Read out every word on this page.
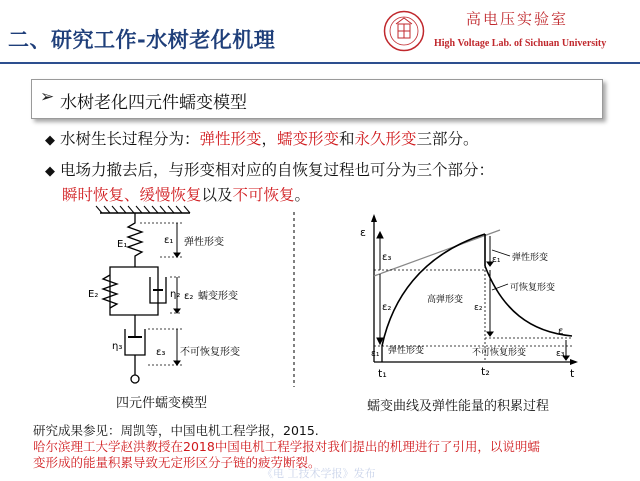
二、研究工作-水树老化机理
高电压实验室
High Voltage Lab. of Sichuan University
➢ 水树老化四元件蠕变模型
◆ 水树生长过程分为：弹性形变，蠕变形变和永久形变三部分。
◆ 电场力撤去后，与形变相对应的自恢复过程也可分为三个部分：
瞬时恢复、缓慢恢复以及不可恢复。
E₁
E₂	η₂
η₃
ε₁ 弹性形变
ε₂ 蠕变形变
ε₃ 不可恢复形变
四元件蠕变模型
ε
t
t₁	t₂
ε₃
ε₂
ε₁ 弹性形变
高弹形变
ε₂
ε₁ 弹性形变
可恢复形变
不可恢复形变	ε₃
ε
蠕变曲线及弹性能量的积累过程
研究成果参见：周凯等，中国电机工程学报，2015.
哈尔滨理工大学赵洪教授在2018中国电机工程学报对我们提出的机理进行了引用，以说明蠕
变形成的能量积累导致无定形区分子链的疲劳断裂。
《电 工技术学报》发布
